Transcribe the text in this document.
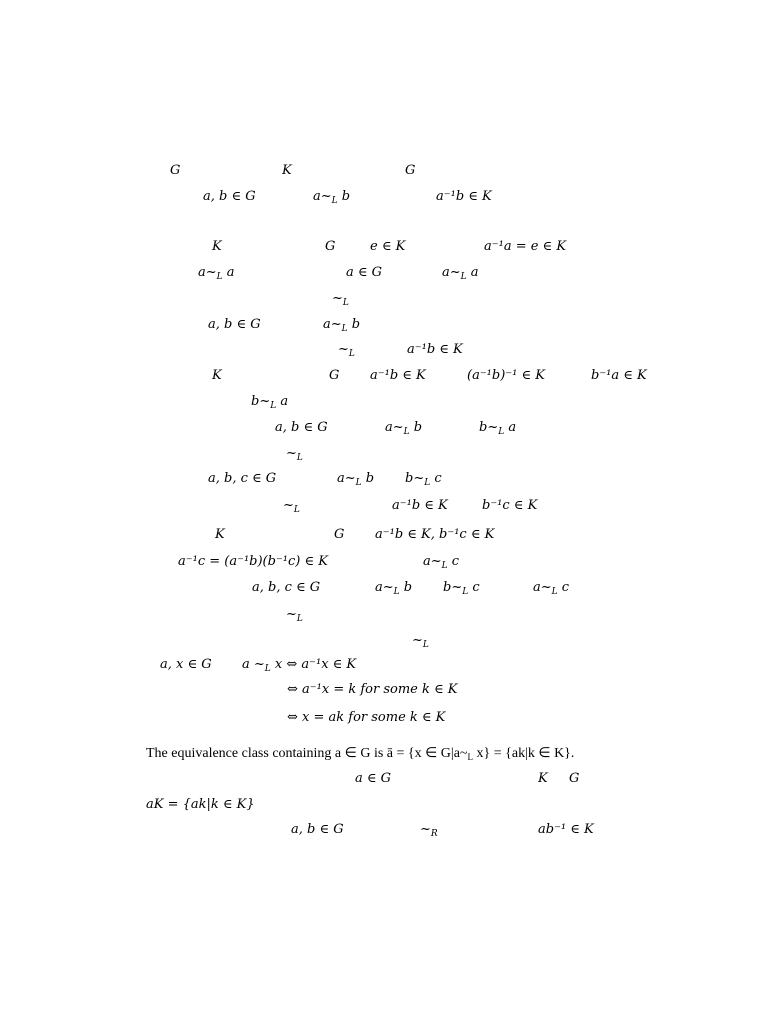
G	K	G
a, b ∈ G	$a\sim_L$ b	a⁻¹b ∈ K
K	G	e ∈ K	a⁻¹a = e ∈ K
$a\sim_L$ a	a ∈ G	$a\sim_L$ a
$\sim_L$
a, b ∈ G	$a\sim_L$ b
$\sim_L$	a⁻¹b ∈ K
K	G a⁻¹b ∈ K	(a⁻¹b)⁻¹ ∈ K	b⁻¹a ∈ K
$b\sim_L$ a
a, b ∈ G	$a\sim_L$ b	$b\sim_L$ a
$\sim_L$
a, b, c ∈ G	$a\sim_L$ b $b\sim_L$ c
$\sim_L$	a⁻¹b ∈ K	b⁻¹c ∈ K
K	G a⁻¹b ∈ K, b⁻¹c ∈ K
a⁻¹c = (a⁻¹b)(b⁻¹c) ∈ K	$a\sim_L$ c
a, b, c ∈ G	$a\sim_L$ b $b\sim_L$ c	$a\sim_L$ c
$\sim_L$
$\sim_L$
a, x ∈ G a $\sim_L$ x ⇔ a⁻¹x ∈ K
⇔ a⁻¹x = k for some k ∈ K
⇔ x = ak for some k ∈ K
The equivalence class containing a ∈ G is ā = {x ∈ $G|a\sim_L$ x} = {ak|k ∈ K}.
a ∈ G	K G
aK = {ak|k ∈ K}
a, b ∈ G	$\sim_R$	ab⁻¹ ∈ K
